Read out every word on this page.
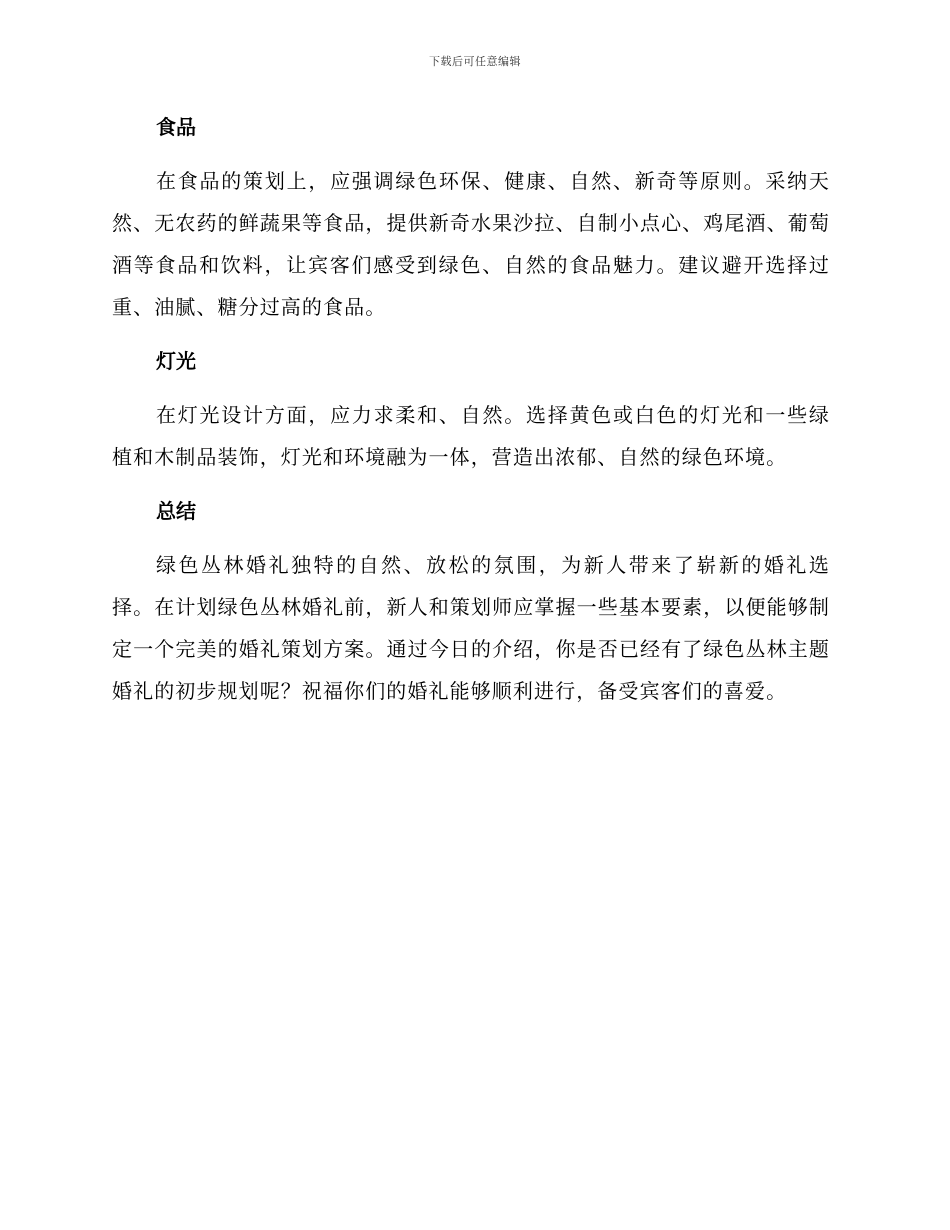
下载后可任意编辑
食品

在食品的策划上，应强调绿色环保、健康、自然、新奇等原则。采纳天然、无农药的鲜蔬果等食品，提供新奇水果沙拉、自制小点心、鸡尾酒、葡萄酒等食品和饮料，让宾客们感受到绿色、自然的食品魅力。建议避开选择过重、油腻、糖分过高的食品。

灯光

在灯光设计方面，应力求柔和、自然。选择黄色或白色的灯光和一些绿植和木制品装饰，灯光和环境融为一体，营造出浓郁、自然的绿色环境。

总结

绿色丛林婚礼独特的自然、放松的氛围，为新人带来了崭新的婚礼选择。在计划绿色丛林婚礼前，新人和策划师应掌握一些基本要素，以便能够制定一个完美的婚礼策划方案。通过今日的介绍，你是否已经有了绿色丛林主题婚礼的初步规划呢？祝福你们的婚礼能够顺利进行，备受宾客们的喜爱。
